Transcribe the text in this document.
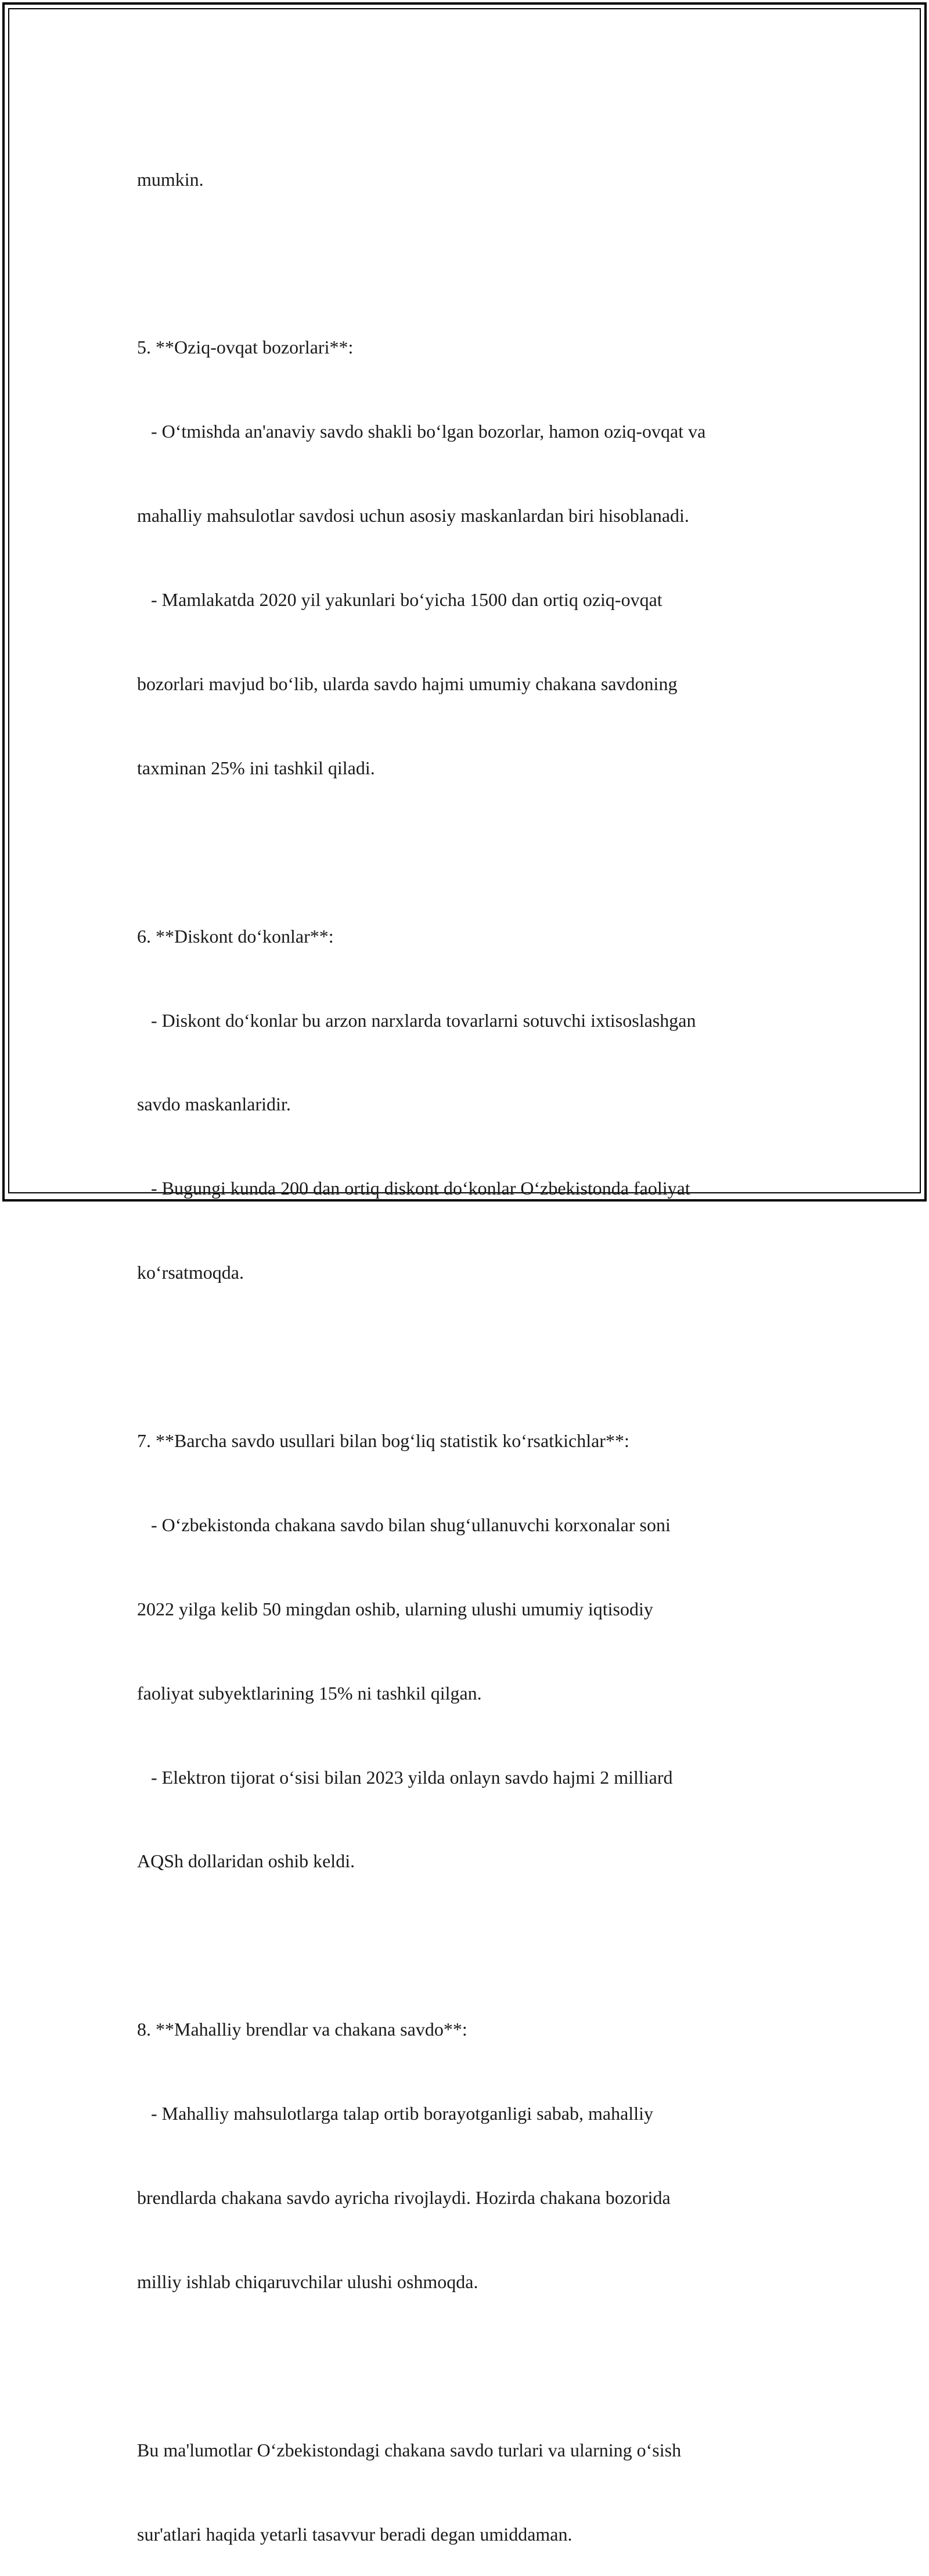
mumkin.

5. **Oziq-ovqat bozorlari**:

- O‘tmishda an'anaviy savdo shakli bo‘lgan bozorlar, hamon oziq-ovqat va

mahalliy mahsulotlar savdosi uchun asosiy maskanlardan biri hisoblanadi.

- Mamlakatda 2020 yil yakunlari bo‘yicha 1500 dan ortiq oziq-ovqat

bozorlari mavjud bo‘lib, ularda savdo hajmi umumiy chakana savdoning

taxminan 25% ini tashkil qiladi.

6. **Diskont do‘konlar**:

- Diskont do‘konlar bu arzon narxlarda tovarlarni sotuvchi ixtisoslashgan

savdo maskanlaridir.

- Bugungi kunda 200 dan ortiq diskont do‘konlar O‘zbekistonda faoliyat

ko‘rsatmoqda.

7. **Barcha savdo usullari bilan bog‘liq statistik ko‘rsatkichlar**:

- O‘zbekistonda chakana savdo bilan shug‘ullanuvchi korxonalar soni

2022 yilga kelib 50 mingdan oshib, ularning ulushi umumiy iqtisodiy

faoliyat subyektlarining 15% ni tashkil qilgan.

- Elektron tijorat o‘sisi bilan 2023 yilda onlayn savdo hajmi 2 milliard

AQSh dollaridan oshib keldi.

8. **Mahalliy brendlar va chakana savdo**:

- Mahalliy mahsulotlarga talap ortib borayotganligi sabab, mahalliy

brendlarda chakana savdo ayricha rivojlaydi. Hozirda chakana bozorida

milliy ishlab chiqaruvchilar ulushi oshmoqda.

Bu ma'lumotlar O‘zbekistondagi chakana savdo turlari va ularning o‘sish

sur'atlari haqida yetarli tasavvur beradi degan umiddaman.
